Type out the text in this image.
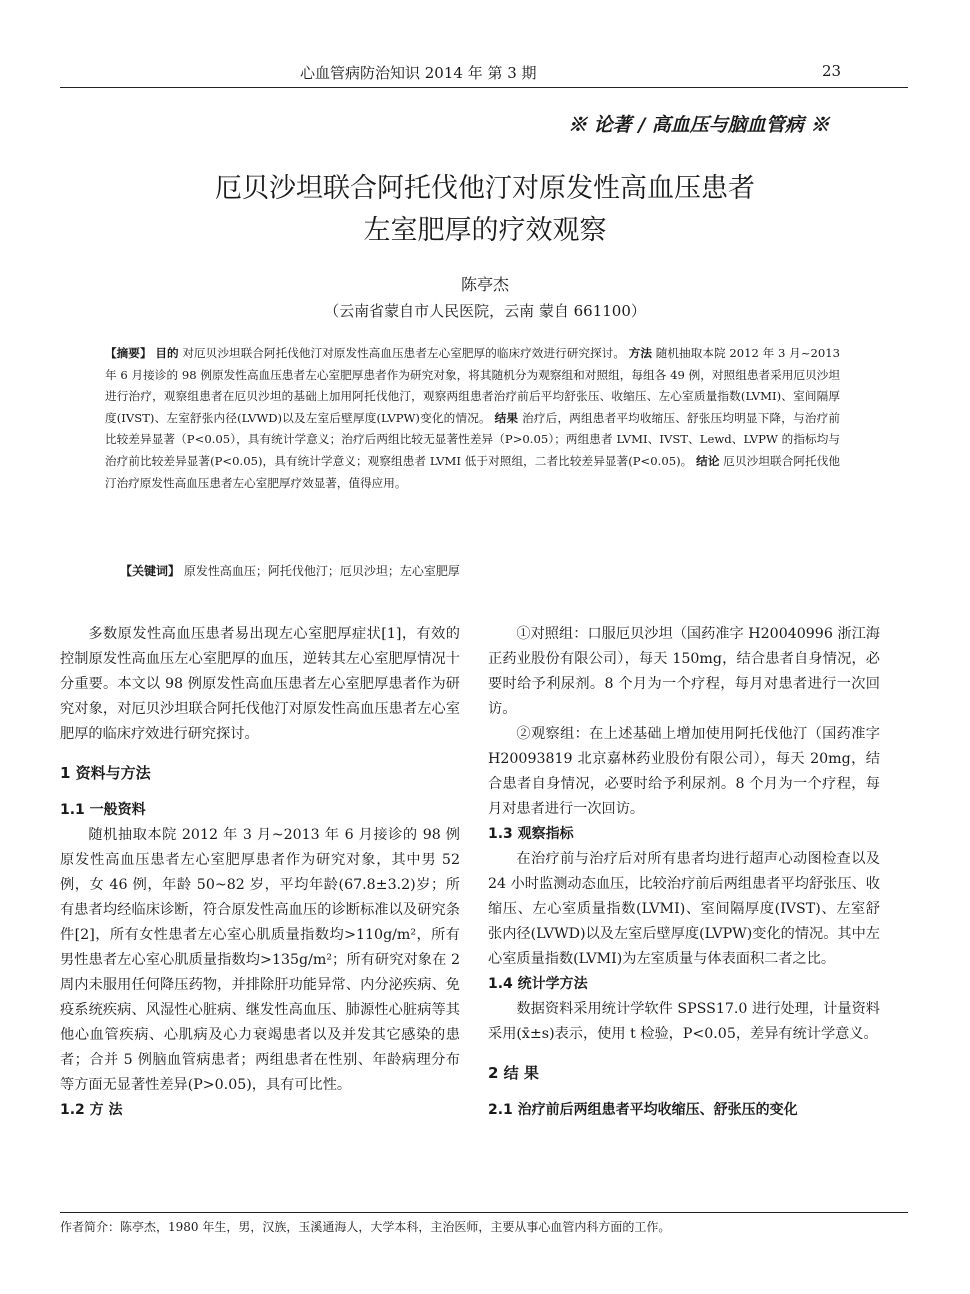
心血管病防治知识 2014 年 第 3 期	23
※ 论著 / 高血压与脑血管病 ※
厄贝沙坦联合阿托伐他汀对原发性高血压患者
左室肥厚的疗效观察
陈亭杰
（云南省蒙自市人民医院，云南 蒙自 661100）
【摘要】 目的 对厄贝沙坦联合阿托伐他汀对原发性高血压患者左心室肥厚的临床疗效进行研究探讨。 方法 随机抽取本院 2012 年 3 月~2013 年 6 月接诊的 98 例原发性高血压患者左心室肥厚患者作为研究对象，将其随机分为观察组和对照组，每组各 49 例，对照组患者采用厄贝沙坦进行治疗，观察组患者在厄贝沙坦的基础上加用阿托伐他汀，观察两组患者治疗前后平均舒张压、收缩压、左心室质量指数(LVMI)、室间隔厚度(IVST)、左室舒张内径(LVWD)以及左室后壁厚度(LVPW)变化的情况。 结果 治疗后，两组患者平均收缩压、舒张压均明显下降，与治疗前比较差异显著（P<0.05），具有统计学意义；治疗后两组比较无显著性差异（P>0.05）；两组患者 LVMI、IVST、Lewd、LVPW 的指标均与治疗前比较差异显著(P<0.05)，具有统计学意义；观察组患者 LVMI 低于对照组，二者比较差异显著(P<0.05)。 结论 厄贝沙坦联合阿托伐他汀治疗原发性高血压患者左心室肥厚疗效显著，值得应用。
【关键词】 原发性高血压；阿托伐他汀；厄贝沙坦；左心室肥厚

多数原发性高血压患者易出现左心室肥厚症状[1]，有效的控制原发性高血压左心室肥厚的血压，逆转其左心室肥厚情况十分重要。本文以 98 例原发性高血压患者左心室肥厚患者作为研究对象，对厄贝沙坦联合阿托伐他汀对原发性高血压患者左心室肥厚的临床疗效进行研究探讨。

1 资料与方法
1.1 一般资料

随机抽取本院 2012 年 3 月~2013 年 6 月接诊的 98 例原发性高血压患者左心室肥厚患者作为研究对象，其中男 52 例，女 46 例，年龄 50~82 岁，平均年龄(67.8±3.2)岁；所有患者均经临床诊断，符合原发性高血压的诊断标准以及研究条件[2]，所有女性患者左心室心肌质量指数均>110g/m²，所有男性患者左心室心肌质量指数均>135g/m²；所有研究对象在 2 周内未服用任何降压药物，并排除肝功能异常、内分泌疾病、免疫系统疾病、风湿性心脏病、继发性高血压、肺源性心脏病等其他心血管疾病、心肌病及心力衰竭患者以及并发其它感染的患者；合并 5 例脑血管病患者；两组患者在性别、年龄病理分布等方面无显著性差异(P>0.05)，具有可比性。

1.2 方 法

①对照组：口服厄贝沙坦（国药准字 H20040996 浙江海正药业股份有限公司），每天 150mg，结合患者自身情况，必要时给予利尿剂。8 个月为一个疗程，每月对患者进行一次回访。

②观察组：在上述基础上增加使用阿托伐他汀（国药准字 H20093819 北京嘉林药业股份有限公司），每天 20mg，结合患者自身情况，必要时给予利尿剂。8 个月为一个疗程，每月对患者进行一次回访。

1.3 观察指标

在治疗前与治疗后对所有患者均进行超声心动图检查以及 24 小时监测动态血压，比较治疗前后两组患者平均舒张压、收缩压、左心室质量指数(LVMI)、室间隔厚度(IVST)、左室舒张内径(LVWD)以及左室后壁厚度(LVPW)变化的情况。其中左心室质量指数(LVMI)为左室质量与体表面积二者之比。

1.4 统计学方法

数据资料采用统计学软件 SPSS17.0 进行处理，计量资料采用(x̄±s)表示，使用 t 检验，P<0.05，差异有统计学意义。

2 结 果
2.1 治疗前后两组患者平均收缩压、舒张压的变化
作者简介：陈亭杰，1980 年生，男，汉族，玉溪通海人，大学本科，主治医师，主要从事心血管内科方面的工作。
